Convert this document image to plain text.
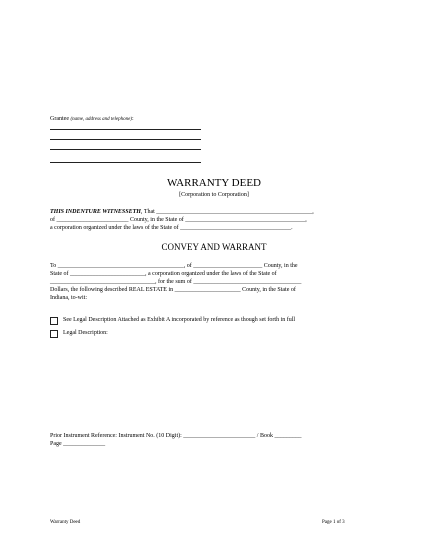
Grantee (name, address and telephone):
WARRANTY DEED
[Corporation to Corporation]
THIS INDENTURE WITNESSETH, That ____________________________________________________,
of ________________________ County, in the State of ________________________________________,
a corporation organized under the laws of the State of _____________________________________.
CONVEY AND WARRANT
To __________________________________________, of _______________________ County, in the
State of _________________________, a corporation organized under the laws of the State of
___________________________________, for the sum of ____________________________________
Dollars, the following described REAL ESTATE in ______________________ County, in the State of
Indiana, to-wit:
See Legal Description Attached as Exhibit A incorporated by reference as though set forth in full
Legal Description:
Prior Instrument Reference: Instrument No. (10 Digit): ________________________ / Book _________
Page ______________
Warranty Deed	Page 1 of 3
